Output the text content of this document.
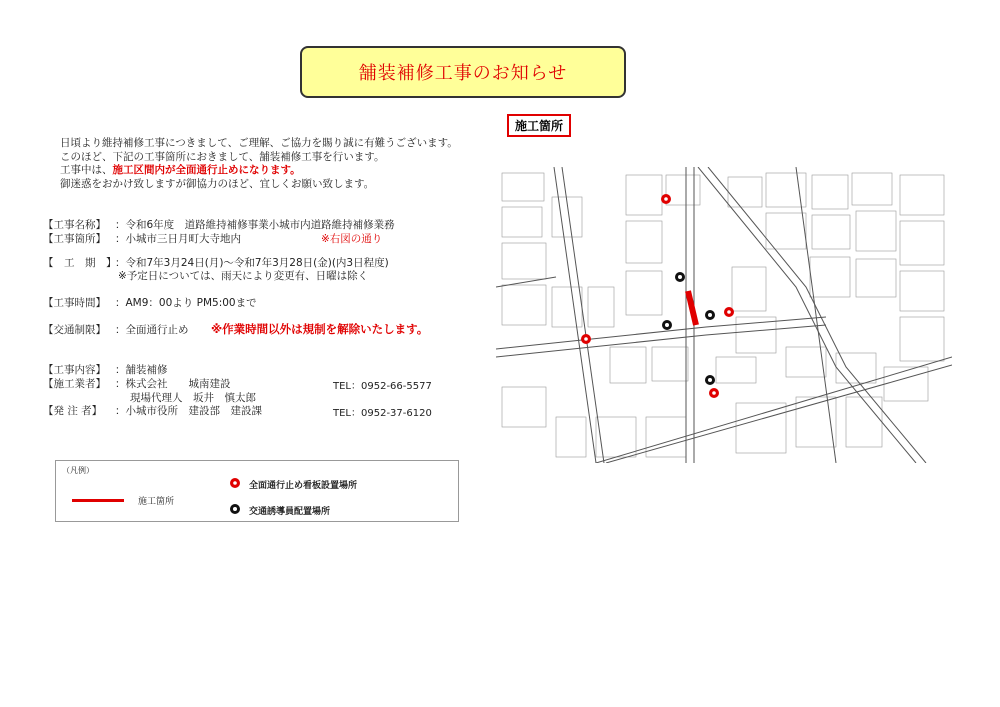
舗装補修工事のお知らせ
施工箇所
日頃より維持補修工事につきまして、ご理解、ご協力を賜り誠に有難うございます。
このほど、下記の工事箇所におきまして、舗装補修工事を行います。
工事中は、施工区間内が全面通行止めになります。
御迷惑をおかけ致しますが御協力のほど、宜しくお願い致します。
【工事名称】 ：令和6年度　道路維持補修事業小城市内道路維持補修業務
【工事箇所】 ：小城市三日月町大寺地内	※右図の通り
【　工　期　】：令和7年3月24日(月)～令和7年3月28日(金)(内3日程度)
※予定日については、雨天により変更有、日曜は除く
【工事時間】 ：AM9：00より PM5:00まで
【交通制限】 ：全面通行止め ※作業時間以外は規制を解除いたします。
【工事内容】 ：舗装補修
【施工業者】 ：株式会社　　城南建設	TEL：0952-66-5577
現場代理人　坂井　慎太郎
【発 注 者】 ：小城市役所　建設部　建設課	TEL：0952-37-6120
（凡例）
施工箇所
全面通行止め看板設置場所
交通誘導員配置場所
